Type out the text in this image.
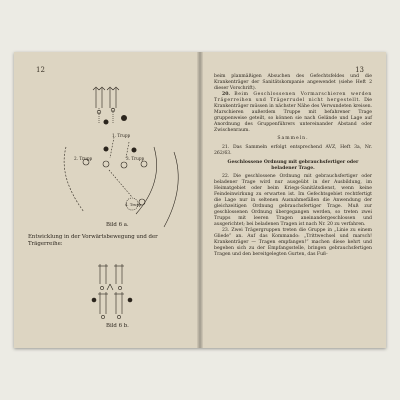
12
1. Trupp
2. Trupp	3. Trupp
4. Trupp
Bild 6 a.
Entwicklung in der Vorwärtsbewegung und der
Trägerreihe:
Bild 6 b.
13

beim planmäßigen Absuchen des Gefechtsfeldes und die Krankenträger der Sanitätskompanie angewendet (siehe Heft 2 dieser Vorschrift).

20. Beim Geschlossenen Vormarschieren werden Trägerreihen und Trägerrudel nicht hergestellt. Die Krankenträger müssen in nächster Nähe des Verwundeten kreisen. Marschieren außerdem Truppe mit befahrener Trage gruppenweise geteilt, so können sie nach Gelände und Lage auf Anordnung des Gruppenführers untereinander Abstand oder Zwischenraum.

Sammeln.

21. Das Sammeln erfolgt entsprechend AVZ, Heft 3a, Nr. 262/63.

Geschlossene Ordnung mit gebrauchsfertiger oder beladener Trage.

22. Die geschlossene Ordnung mit gebrauchsfertiger oder beladener Trage wird nur ausgeübt in der Ausbildung, im Heimatgebiet oder beim Kriegs-Sanitätsdienst, wenn keine Feindeinwirkung zu erwarten ist. Im Gefechtsgebiet rechtfertigt die Lage nur in seltenen Ausnahmefällen die Anwendung der gleichzeitigen Ordnung gebrauchsfertiger Trage. Muß zur geschlossenen Ordnung übergegangen werden, so treten zwei Trupps mit leeren Tragen aneinandergeschlossen und ausgerichtet; bei beladenen Tragen ist nach Nr. 20 zu verfahren.

23. Zwei Trägergruppen treten die Gruppe in „Linie zu einem Gliede“ an. Auf das Kommando: „Trittwechsel und marsch! Krankenträger — Tragen empfangen!“ machen diese kehrt und begeben sich zu der Empfangsstelle, bringen gebrauchsfertigen Tragen und den bereitgelegten Gurten, das Fuß-
